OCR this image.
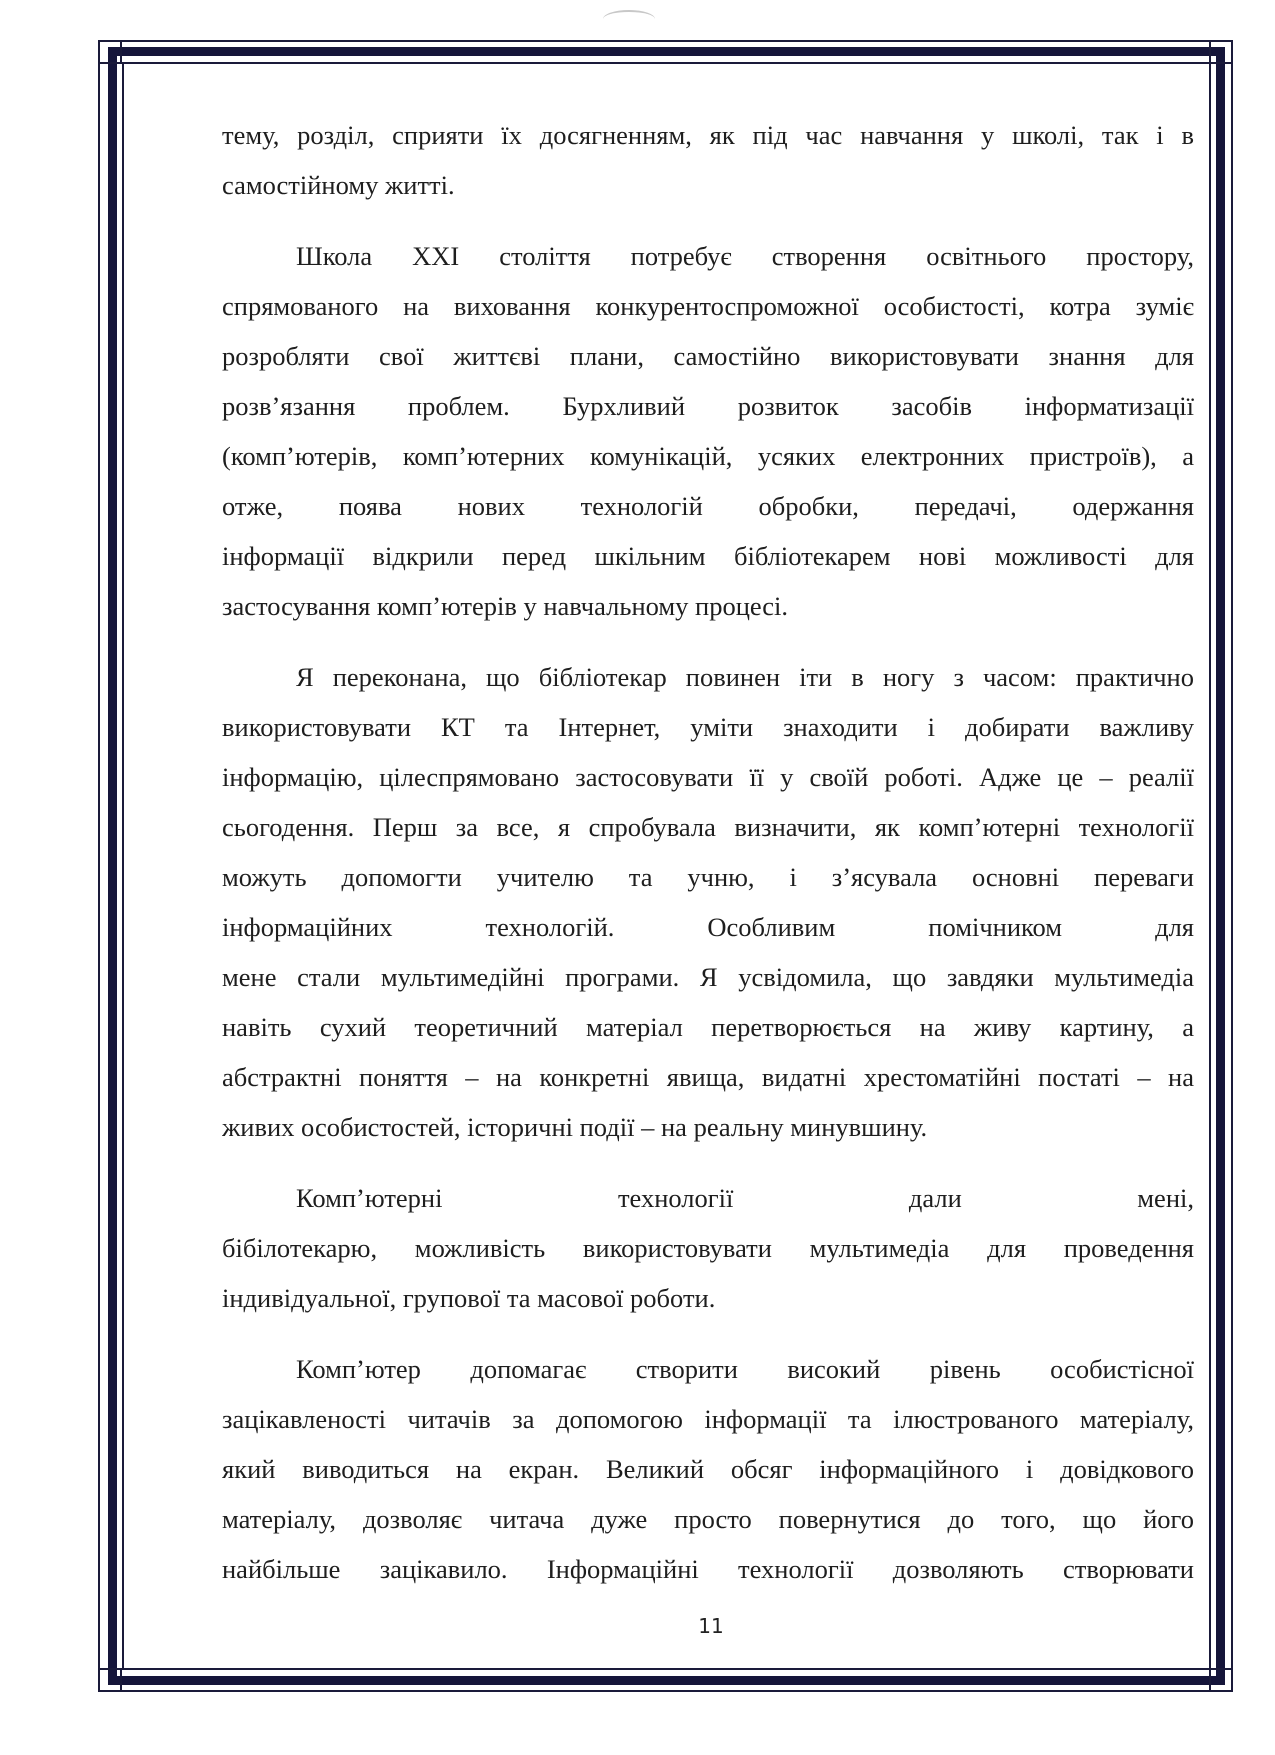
тему, розділ, сприяти їх досягненням, як під час навчання у школі, так і в
самостійному житті.
Школа XXI століття потребує створення освітнього простору,
спрямованого на виховання конкурентоспроможної особистості, котра зуміє
розробляти свої життєві плани, самостійно використовувати знання для
розв’язання проблем. Бурхливий розвиток засобів інформатизації
(комп’ютерів, комп’ютерних комунікацій, усяких електронних пристроїв), а
отже, поява нових технологій обробки, передачі, одержання
інформації відкрили перед шкільним бібліотекарем нові можливості для
застосування комп’ютерів у навчальному процесі.
Я переконана, що бібліотекар повинен іти в ногу з часом: практично
використовувати КТ та Інтернет, уміти знаходити і добирати важливу
інформацію, цілеспрямовано застосовувати її у своїй роботі. Адже це – реалії
сьогодення. Перш за все, я спробувала визначити, як комп’ютерні технології
можуть допомогти учителю та учню, і з’ясувала основні переваги
інформаційних технологій. Особливим помічником для
мене стали мультимедійні програми. Я усвідомила, що завдяки мультимедіа
навіть сухий теоретичний матеріал перетворюється на живу картину, а
абстрактні поняття – на конкретні явища, видатні хрестоматійні постаті – на
живих особистостей, історичні події – на реальну минувшину.
Комп’ютерні технології дали мені,
бібілотекарю, можливість використовувати мультимедіа для проведення
індивідуальної, групової та масової роботи.
Комп’ютер допомагає створити високий рівень особистісної
зацікавленості читачів за допомогою інформації та ілюстрованого матеріалу,
який виводиться на екран. Великий обсяг інформаційного і довідкового
матеріалу, дозволяє читача дуже просто повернутися до того, що його
найбільше зацікавило. Інформаційні технології дозволяють створювати
11
